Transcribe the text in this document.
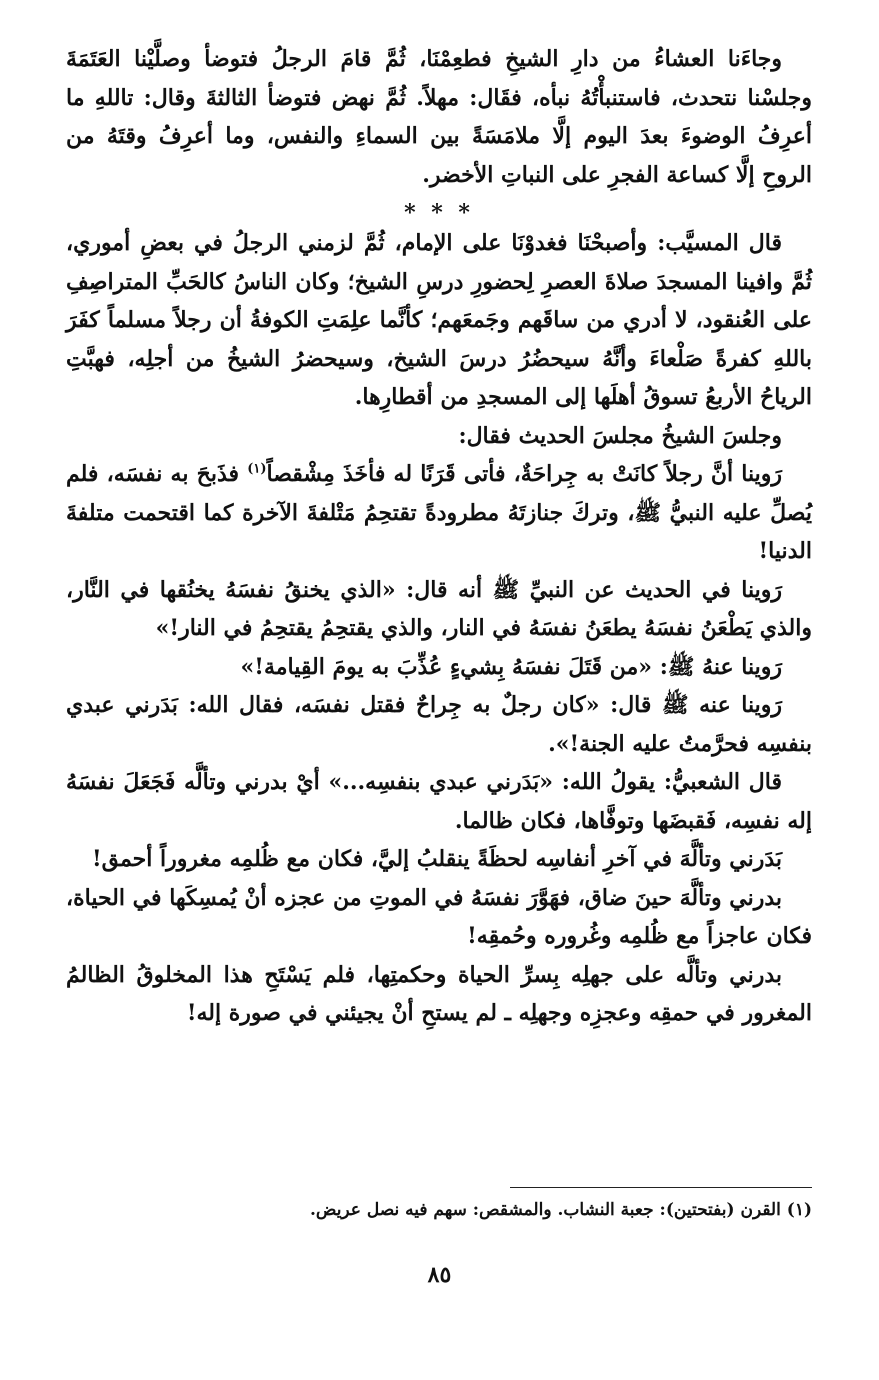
وجاءَنا العشاءُ من دارِ الشيخِ فطعِمْنَا، ثُمَّ قامَ الرجلُ فتوضأ وصلَّيْنا العَتَمَةَ وجلسْنا نتحدث، فاستنبأْتُهُ نبأه، فقَال: مهلاً. ثُمَّ نهض فتوضأ الثالثةَ وقال: تاللهِ ما أعرِفُ الوضوءَ بعدَ اليوم إلَّا ملامَسَةً بين السماءِ والنفس، وما أعرِفُ وقتَهُ من الروحِ إلَّا كساعة الفجرِ على النباتِ الأخضر.

* * *

قال المسيَّب: وأصبحْنَا فغدوْنَا على الإمام، ثُمَّ لزمني الرجلُ في بعضِ أموري، ثُمَّ وافينا المسجدَ صلاةَ العصرِ لِحضورِ درسِ الشيخ؛ وكان الناسُ كالحَبِّ المتراصِفِ على العُنقود، لا أدري من ساقَهم وجَمعَهم؛ كأنَّما علِمَتِ الكوفةُ أن رجلاً مسلماً كفَرَ باللهِ كفرةً صَلْعاءَ وأنَّهُ سيحضُرُ درسَ الشيخ، وسيحضرُ الشيخُ من أجلِه، فهبَّتِ الرياحُ الأربعُ تسوقُ أهلَها إلى المسجدِ من أقطارِها.

وجلسَ الشيخُ مجلسَ الحديث فقال:

رَوينا أنَّ رجلاً كانَتْ به جِراحَةٌ، فأتى قَرَنًا له فأخَذَ مِشْقصاً$^{(١)}$ فذَبحَ به نفسَه، فلم يُصلِّ عليه النبيُّ ﷺ، وتركَ جنازتَهُ مطرودةً تقتحِمُ مَتْلفةَ الآخرة كما اقتحمت متلفةَ الدنيا!

رَوينا في الحديث عن النبيِّ ﷺ أنه قال: «الذي يخنقُ نفسَهُ يخنُقها في النَّار، والذي يَطْعَنُ نفسَهُ يطعَنُ نفسَهُ في النار، والذي يقتحِمُ يقتحِمُ في النار!»

رَوينا عنهُ ﷺ: «من قَتَلَ نفسَهُ بِشيءٍ عُذِّبَ به يومَ القِيامة!»

رَوينا عنه ﷺ قال: «كان رجلٌ به جِراحٌ فقتل نفسَه، فقال الله: بَدَرني عبدي بنفسِه فحرَّمتُ عليه الجنة!».

قال الشعبيُّ: يقولُ الله: «بَدَرني عبدي بنفسِه...» أيْ بدرني وتألَّه فَجَعَلَ نفسَهُ إله نفسِه، فَقبضَها وتوفَّاها، فكان ظالما.

بَدَرني وتألَّهَ في آخرِ أنفاسِه لحظَةً ينقلبُ إليَّ، فكان مع ظُلمِه مغروراً أحمق!

بدرني وتألَّهَ حينَ ضاق، فهَوَّرَ نفسَهُ في الموتِ من عجزه أنْ يُمسِكَها في الحياة، فكان عاجزاً مع ظُلمِه وغُروره وحُمقِه!

بدرني وتألَّه على جهلِه بِسرِّ الحياة وحكمتِها، فلم يَسْتَحِ هذا المخلوقُ الظالمُ المغرور في حمقِه وعجزِه وجهلِه ـ لم يستحِ أنْ يجيئني في صورة إله!

(١) القرن (بفتحتين): جعبة النشاب. والمشقص: سهم فيه نصل عريض.

٨٥
